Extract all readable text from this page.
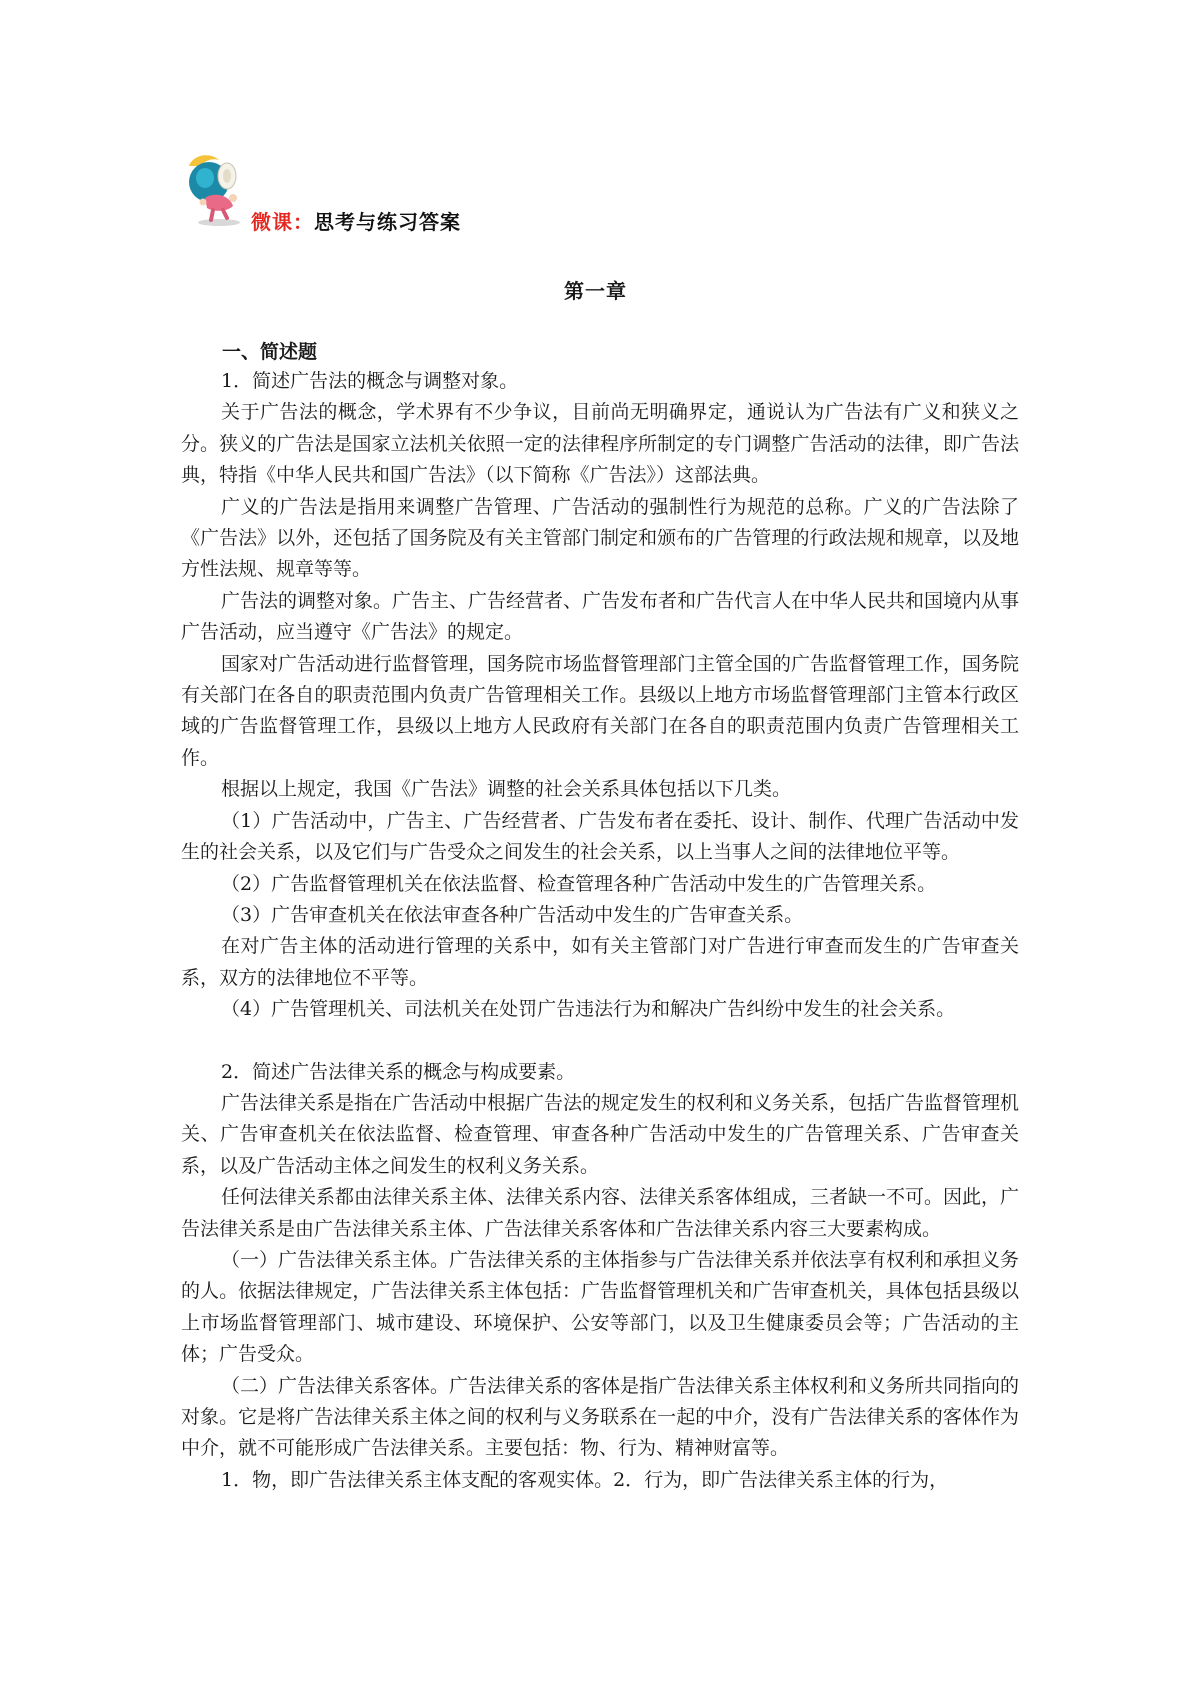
微课：思考与练习答案
第一章
一、简述题

1．简述广告法的概念与调整对象。

关于广告法的概念，学术界有不少争议，目前尚无明确界定，通说认为广告法有广义和狭义之分。狭义的广告法是国家立法机关依照一定的法律程序所制定的专门调整广告活动的法律，即广告法典，特指《中华人民共和国广告法》（以下简称《广告法》）这部法典。

广义的广告法是指用来调整广告管理、广告活动的强制性行为规范的总称。广义的广告法除了《广告法》以外，还包括了国务院及有关主管部门制定和颁布的广告管理的行政法规和规章，以及地方性法规、规章等等。

广告法的调整对象。广告主、广告经营者、广告发布者和广告代言人在中华人民共和国境内从事广告活动，应当遵守《广告法》的规定。

国家对广告活动进行监督管理，国务院市场监督管理部门主管全国的广告监督管理工作，国务院有关部门在各自的职责范围内负责广告管理相关工作。县级以上地方市场监督管理部门主管本行政区域的广告监督管理工作，县级以上地方人民政府有关部门在各自的职责范围内负责广告管理相关工作。

根据以上规定，我国《广告法》调整的社会关系具体包括以下几类。

（1）广告活动中，广告主、广告经营者、广告发布者在委托、设计、制作、代理广告活动中发生的社会关系，以及它们与广告受众之间发生的社会关系，以上当事人之间的法律地位平等。

（2）广告监督管理机关在依法监督、检查管理各种广告活动中发生的广告管理关系。

（3）广告审查机关在依法审查各种广告活动中发生的广告审查关系。

在对广告主体的活动进行管理的关系中，如有关主管部门对广告进行审查而发生的广告审查关系，双方的法律地位不平等。

（4）广告管理机关、司法机关在处罚广告违法行为和解决广告纠纷中发生的社会关系。

2．简述广告法律关系的概念与构成要素。

广告法律关系是指在广告活动中根据广告法的规定发生的权利和义务关系，包括广告监督管理机关、广告审查机关在依法监督、检查管理、审查各种广告活动中发生的广告管理关系、广告审查关系，以及广告活动主体之间发生的权利义务关系。

任何法律关系都由法律关系主体、法律关系内容、法律关系客体组成，三者缺一不可。因此，广告法律关系是由广告法律关系主体、广告法律关系客体和广告法律关系内容三大要素构成。

（一）广告法律关系主体。广告法律关系的主体指参与广告法律关系并依法享有权利和承担义务的人。依据法律规定，广告法律关系主体包括：广告监督管理机关和广告审查机关，具体包括县级以上市场监督管理部门、城市建设、环境保护、公安等部门，以及卫生健康委员会等；广告活动的主体；广告受众。

（二）广告法律关系客体。广告法律关系的客体是指广告法律关系主体权利和义务所共同指向的对象。它是将广告法律关系主体之间的权利与义务联系在一起的中介，没有广告法律关系的客体作为中介，就不可能形成广告法律关系。主要包括：物、行为、精神财富等。

1．物，即广告法律关系主体支配的客观实体。2．行为，即广告法律关系主体的行为，
